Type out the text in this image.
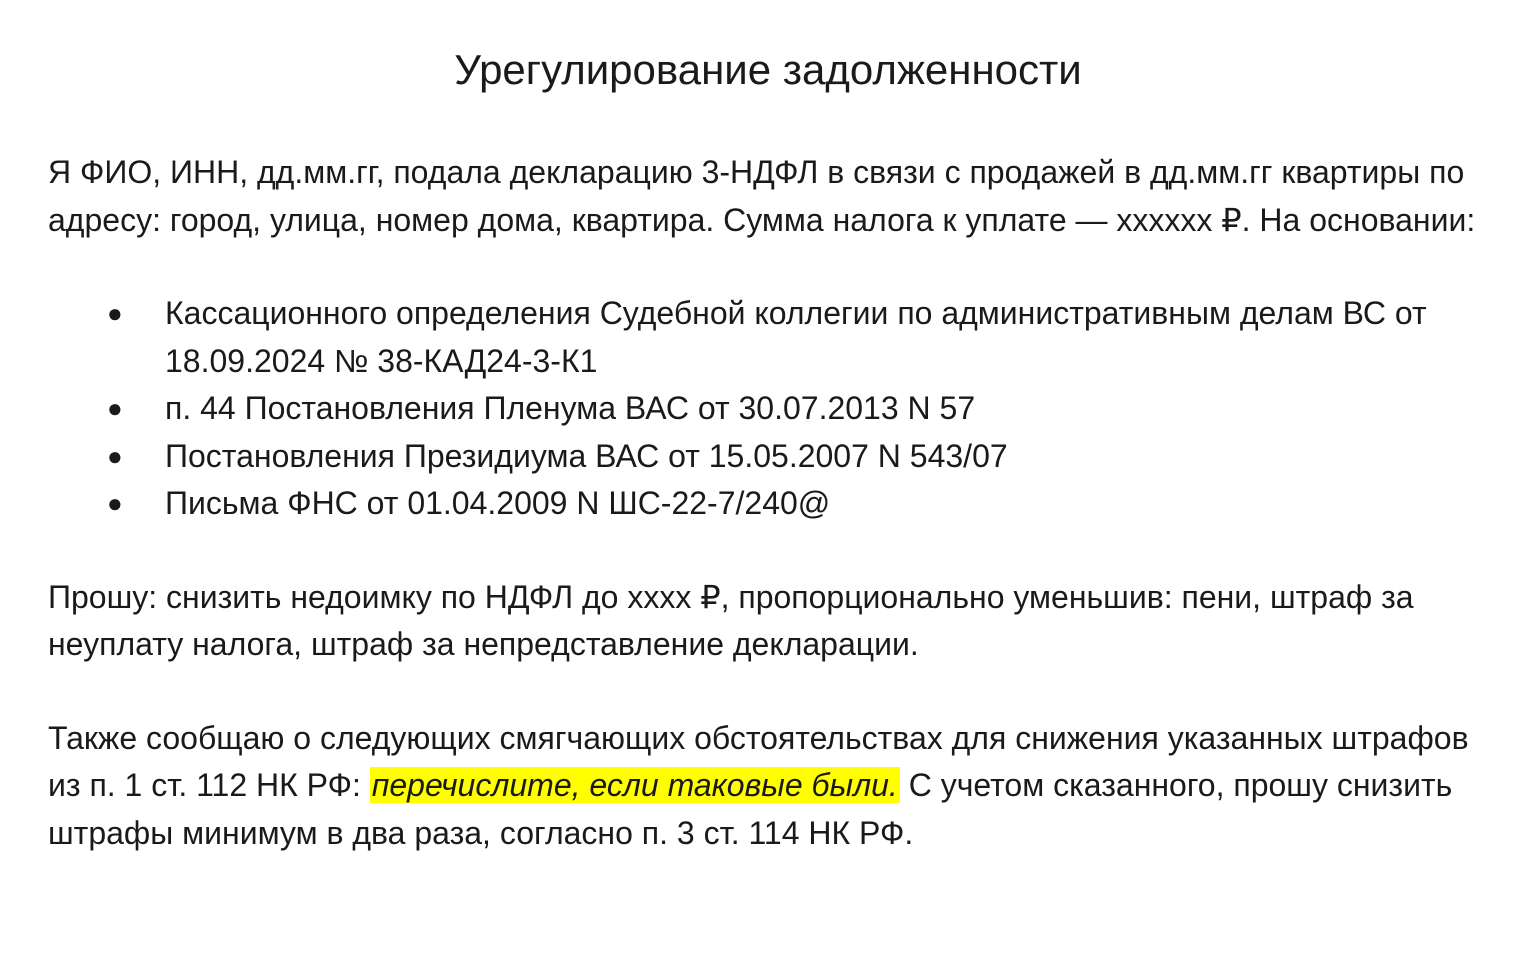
Урегулирование задолженности

Я ФИО, ИНН, дд.мм.гг, подала декларацию 3-НДФЛ в связи с продажей в дд.мм.гг квартиры по адресу: город, улица, номер дома, квартира. Сумма налога к уплате — xxxxxx ₽. На основании:

● Кассационного определения Судебной коллегии по административным делам ВС от 18.09.2024 № 38-КАД24-3-К1
● п. 44 Постановления Пленума ВАС от 30.07.2013 N 57
● Постановления Президиума ВАС от 15.05.2007 N 543/07
● Письма ФНС от 01.04.2009 N ШС-22-7/240@

Прошу: снизить недоимку по НДФЛ до xxxx ₽, пропорционально уменьшив: пени, штраф за неуплату налога, штраф за непредставление декларации.

Также сообщаю о следующих смягчающих обстоятельствах для снижения указанных штрафов из п. 1 ст. 112 НК РФ: перечислите, если таковые были. С учетом сказанного, прошу снизить штрафы минимум в два раза, согласно п. 3 ст. 114 НК РФ.
